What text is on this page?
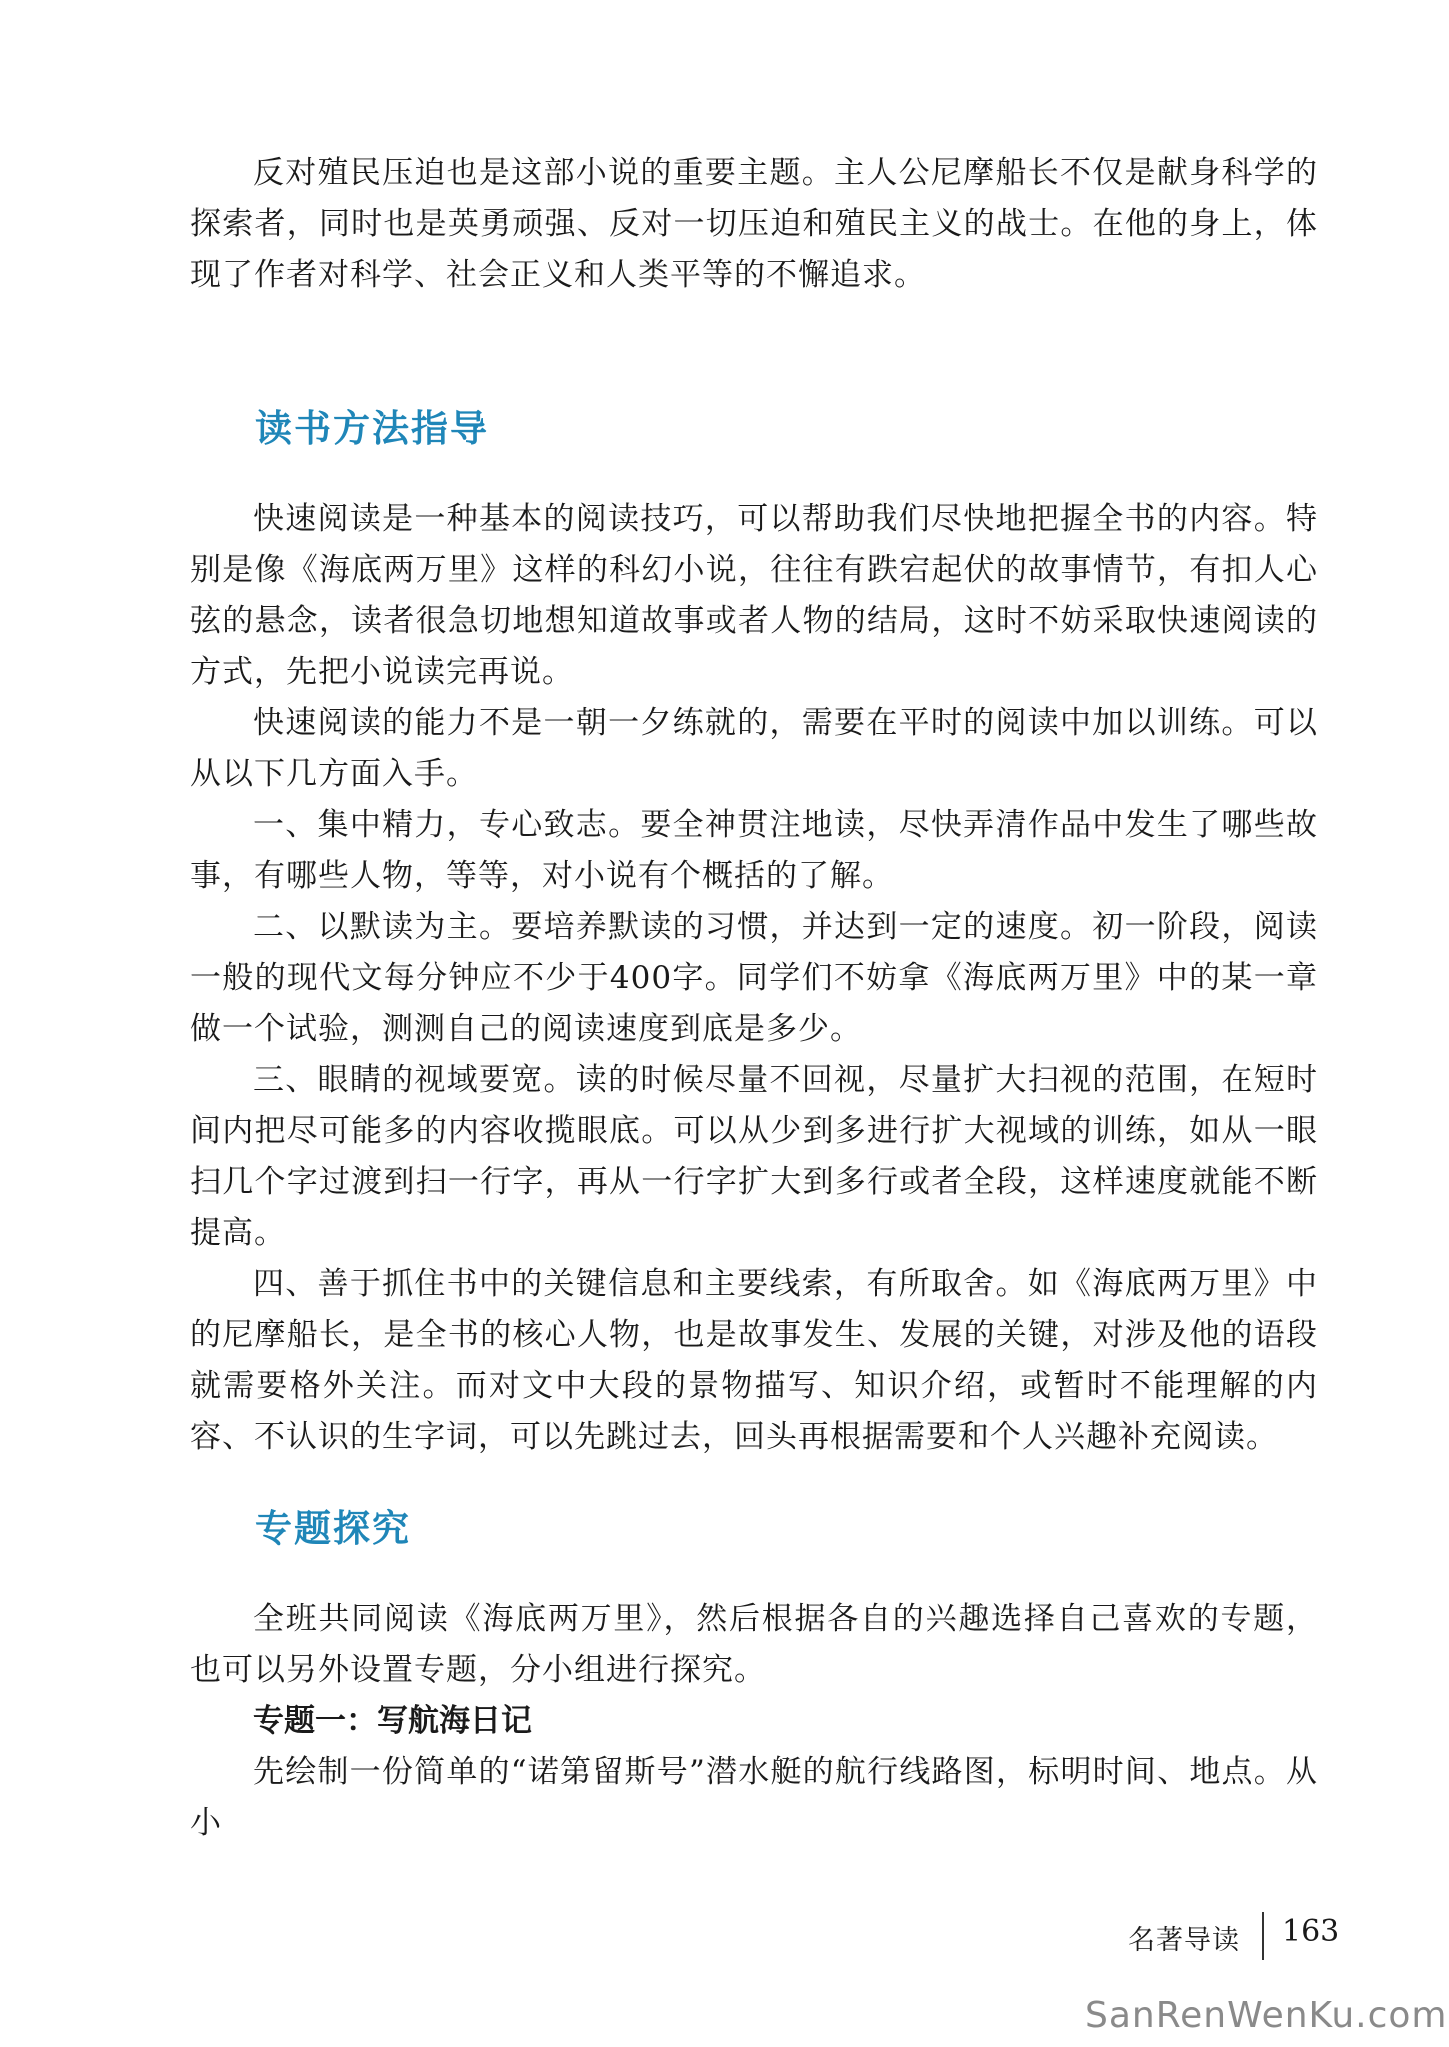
反对殖民压迫也是这部小说的重要主题。主人公尼摩船长不仅是献身科学的探索者，同时也是英勇顽强、反对一切压迫和殖民主义的战士。在他的身上，体现了作者对科学、社会正义和人类平等的不懈追求。

读书方法指导

快速阅读是一种基本的阅读技巧，可以帮助我们尽快地把握全书的内容。特别是像《海底两万里》这样的科幻小说，往往有跌宕起伏的故事情节，有扣人心弦的悬念，读者很急切地想知道故事或者人物的结局，这时不妨采取快速阅读的方式，先把小说读完再说。

快速阅读的能力不是一朝一夕练就的，需要在平时的阅读中加以训练。可以从以下几方面入手。

一、集中精力，专心致志。要全神贯注地读，尽快弄清作品中发生了哪些故事，有哪些人物，等等，对小说有个概括的了解。

二、以默读为主。要培养默读的习惯，并达到一定的速度。初一阶段，阅读一般的现代文每分钟应不少于400字。同学们不妨拿《海底两万里》中的某一章做一个试验，测测自己的阅读速度到底是多少。

三、眼睛的视域要宽。读的时候尽量不回视，尽量扩大扫视的范围，在短时间内把尽可能多的内容收揽眼底。可以从少到多进行扩大视域的训练，如从一眼扫几个字过渡到扫一行字，再从一行字扩大到多行或者全段，这样速度就能不断提高。

四、善于抓住书中的关键信息和主要线索，有所取舍。如《海底两万里》中的尼摩船长，是全书的核心人物，也是故事发生、发展的关键，对涉及他的语段就需要格外关注。而对文中大段的景物描写、知识介绍，或暂时不能理解的内容、不认识的生字词，可以先跳过去，回头再根据需要和个人兴趣补充阅读。

专题探究

全班共同阅读《海底两万里》，然后根据各自的兴趣选择自己喜欢的专题，也可以另外设置专题，分小组进行探究。

专题一：写航海日记

先绘制一份简单的“诺第留斯号”潜水艇的航行线路图，标明时间、地点。从小

名著导读 163
SanRenWenKu.com
